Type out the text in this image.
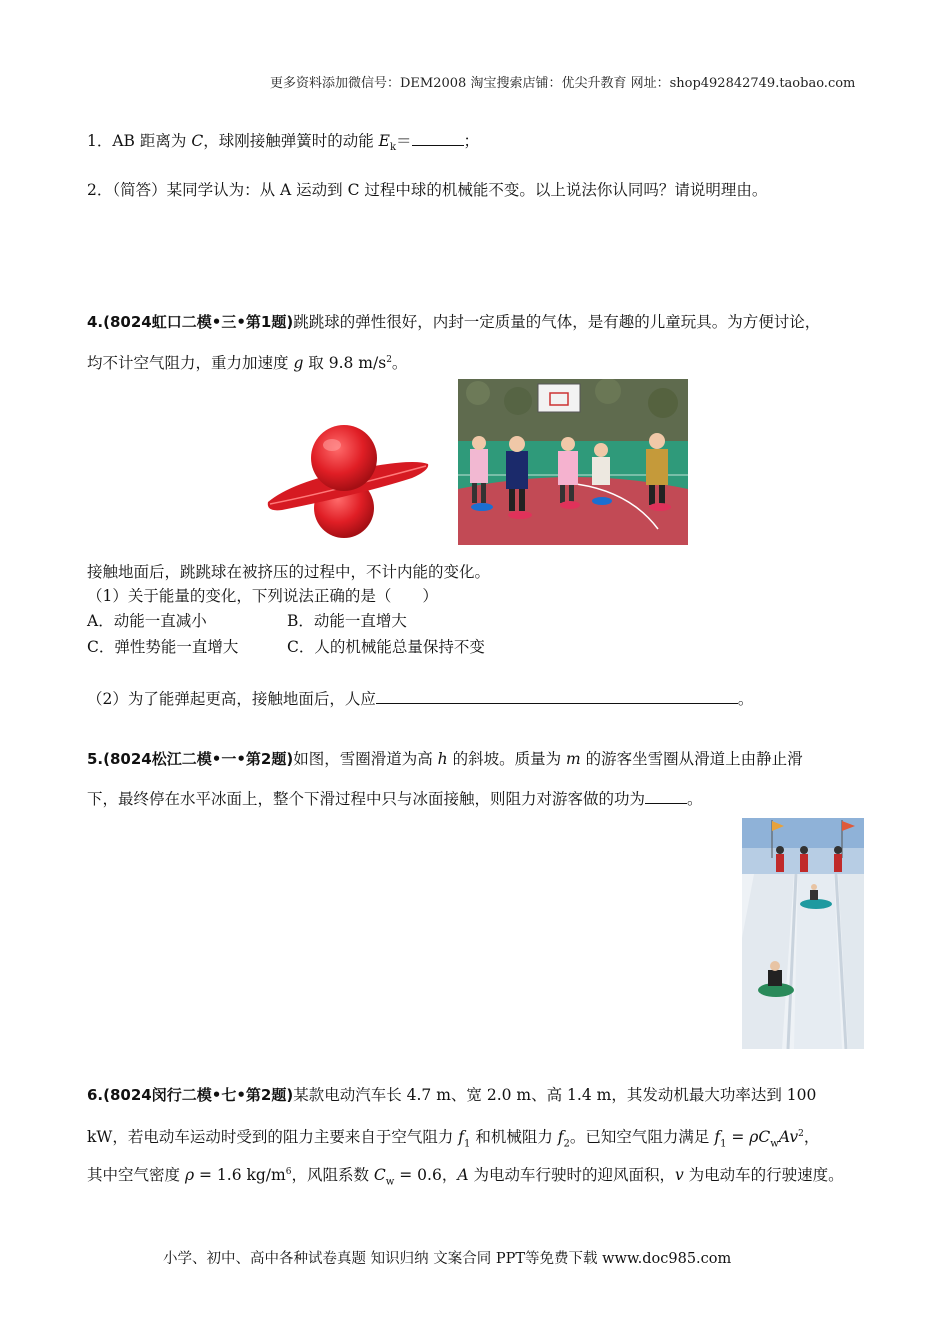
更多资料添加微信号：DEM2008 淘宝搜索店铺：优尖升教育 网址：shop492842749.taobao.com
1．AB 距离为 C，球刚接触弹簧时的动能 $E_k=$	；
2．（简答）某同学认为：从 A 运动到 C 过程中球的机械能不变。以上说法你认同吗？请说明理由。
4.(8024虹口二模•三•第1题)跳跳球的弹性很好，内封一定质量的气体，是有趣的儿童玩具。为方便讨论，
均不计空气阻力，重力加速度 g 取 9.8 $m/s^2$。
接触地面后，跳跳球在被挤压的过程中，不计内能的变化。
（1）关于能量的变化，下列说法正确的是（　　）
A．动能一直减小	B．动能一直增大
C．弹性势能一直增大	C．人的机械能总量保持不变
（2）为了能弹起更高，接触地面后，人应	。
5.(8024松江二模•一•第2题)如图，雪圈滑道为高 h 的斜坡。质量为 m 的游客坐雪圈从滑道上由静止滑
下，最终停在水平冰面上，整个下滑过程中只与冰面接触，则阻力对游客做的功为	。
6.(8024闵行二模•七•第2题)某款电动汽车长 4.7 m、宽 2.0 m、高 1.4 m，其发动机最大功率达到 100
kW，若电动车运动时受到的阻力主要来自于空气阻力 $f_1$ 和机械阻力 $f_2$。已知空气阻力满足 $f_1 = \rho C_wAv^2$，
其中空气密度 ρ = 1.6 $kg/m^6$，风阻系数 $C_w = 0.6$，A 为电动车行驶时的迎风面积，v 为电动车的行驶速度。
小学、初中、高中各种试卷真题 知识归纳 文案合同 PPT等免费下载 www.doc985.com
